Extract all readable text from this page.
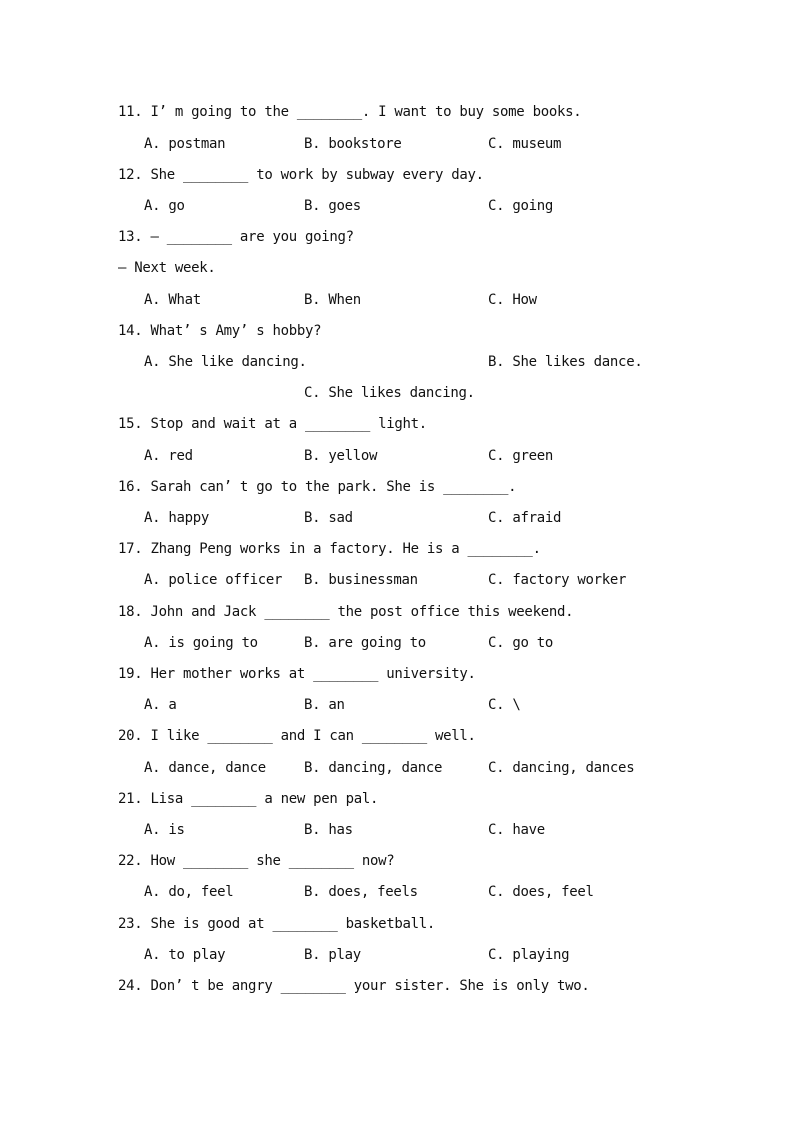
11. I’ m going to the ________. I want to buy some books.

A. postman

	B. bookstore

	C. museum

12. She ________ to work by subway every day.

A. go

	B. goes

	C. going

13. — ________ are you going?
— Next week.

A. What

	B. When

	C. How

14. What’ s Amy’ s hobby?

A. She like dancing.

	B. She likes dance.

C. She likes dancing.

15. Stop and wait at a ________ light.

A. red

	B. yellow

	C. green

16. Sarah can’ t go to the park. She is ________.

A. happy

	B. sad

	C. afraid

17. Zhang Peng works in a factory. He is a ________.

A. police officer

B. businessman

	C. factory worker

18. John and Jack ________ the post office this weekend.

A. is going to

	B. are going to

	C. go to

19. Her mother works at ________ university.

A. a

	B. an

	C. \

20. I like ________ and I can ________ well.

A. dance, dance

	B. dancing, dance

	C. dancing, dances

21. Lisa ________ a new pen pal.

A. is

	B. has

	C. have

22. How ________ she ________ now?

A. do, feel

	B. does, feels

	C. does, feel

23. She is good at ________ basketball.

A. to play

	B. play

	C. playing

24. Don’ t be angry ________ your sister. She is only two.
